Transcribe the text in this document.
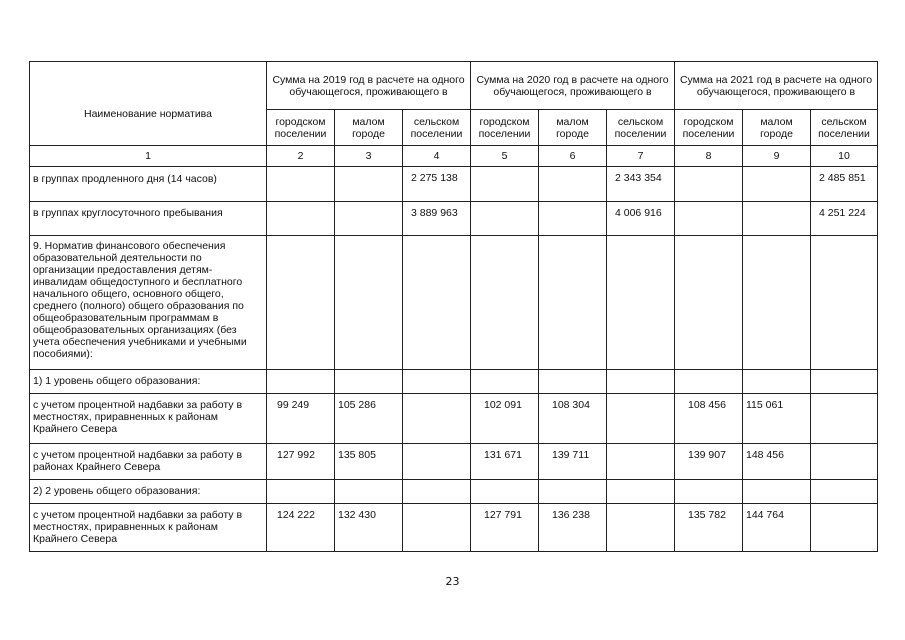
Наименование норматива	Сумма на 2019 год в расчете на одного обучающегося, проживающего в			Сумма на 2020 год в расчете на одного обучающегося, проживающего в			Сумма на 2021 год в расчете на одного обучающегося, проживающего в		
	городском поселении	малом городе	сельском поселении	городском поселении	малом городе	сельском поселении	городском поселении	малом городе	сельском поселении
1	2	3	4	5	6	7	8	9	10
в группах продленного дня (14 часов)			2 275 138			2 343 354			2 485 851
в группах круглосуточного пребывания			3 889 963			4 006 916			4 251 224
9. Норматив финансового обеспечения образовательной деятельности по организации предоставления детям-инвалидам общедоступного и бесплатного начального общего, основного общего, среднего (полного) общего образования по общеобразовательным программам в общеобразовательных организациях (без учета обеспечения учебниками и учебными пособиями):									
1) 1 уровень общего образования:									
с учетом процентной надбавки за работу в местностях, приравненных к районам Крайнего Севера	99 249	105 286		102 091	108 304		108 456	115 061	
с учетом процентной надбавки за работу в районах Крайнего Севера	127 992	135 805		131 671	139 711		139 907	148 456	
2) 2 уровень общего образования:									
с учетом процентной надбавки за работу в местностях, приравненных к районам Крайнего Севера	124 222	132 430		127 791	136 238		135 782	144 764	
23
